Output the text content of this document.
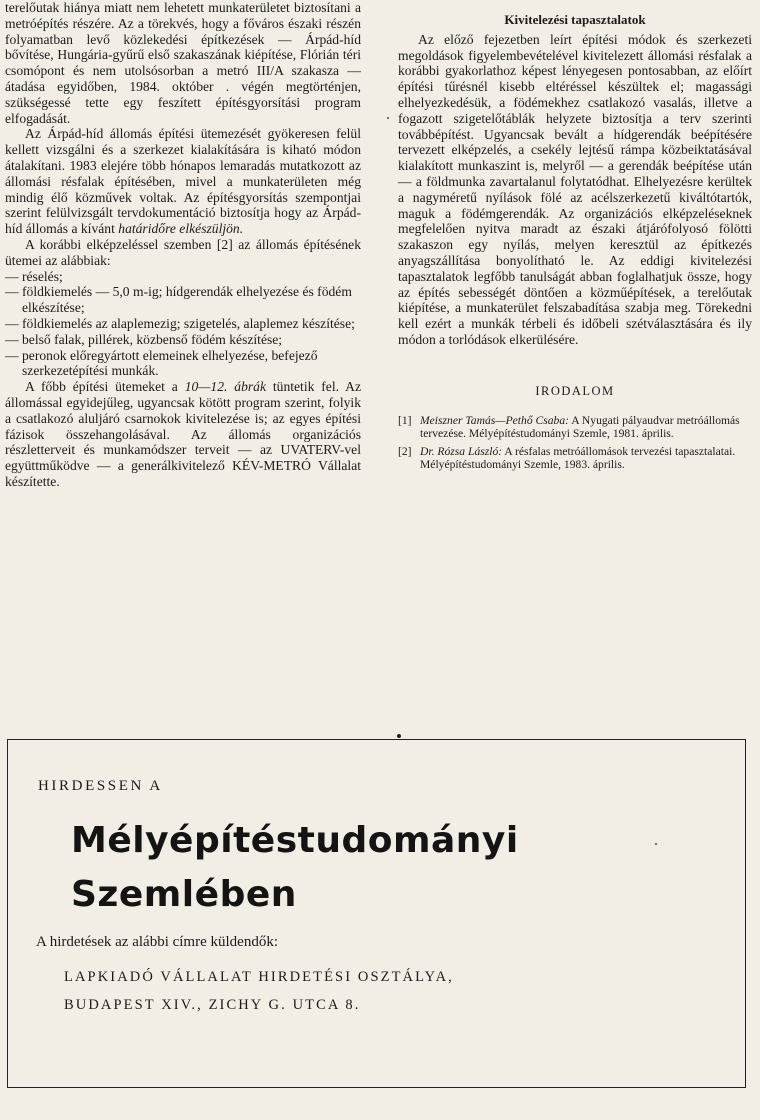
terelőutak hiánya miatt nem lehetett munkaterületet biztosítani a metróépítés részére. Az a törekvés, hogy a főváros északi részén folyamatban levő közlekedési építkezések — Árpád-híd bővítése, Hungária-gyűrű első szakaszának kiépítése, Flórián téri csomópont és nem utolsósorban a metró III/A szakasza — átadása egyidőben, 1984. október . végén megtörténjen, szükségessé tette egy feszített építésgyorsítási program elfogadását.

Az Árpád-híd állomás építési ütemezését gyökeresen felül kellett vizsgálni és a szerkezet kialakítására is kiható módon átalakítani. 1983 elejére több hónapos lemaradás mutatkozott az állomási résfalak építésében, mivel a munkaterületen még mindig élő közművek voltak. Az építésgyorsítás szempontjai szerint felülvizsgált tervdokumentáció biztosítja hogy az Árpád-híd állomás a kívánt határidőre elkészüljön.

A korábbi elképzeléssel szemben [2] az állomás építésének ütemei az alábbiak:

— réselés;
— földkiemelés — 5,0 m-ig; hídgerendák elhelyezése és födém elkészítése;
— földkiemelés az alaplemezig; szigetelés, alaplemez készítése;
— belső falak, pillérek, közbenső födém készítése;
— peronok előregyártott elemeinek elhelyezése, befejező szerkezetépítési munkák.

A főbb építési ütemeket a 10—12. ábrák tüntetik fel. Az állomással egyidejűleg, ugyancsak kötött program szerint, folyik a csatlakozó aluljáró csarnokok kivitelezése is; az egyes építési fázisok összehangolásával. Az állomás organizációs részletterveit és munkamódszer terveit — az UVATERV-vel együttműködve — a generálkivitelező KÉV-METRÓ Vállalat készítette.

Kivitelezési tapasztalatok

Az előző fejezetben leírt építési módok és szerkezeti megoldások figyelembevételével kivitelezett állomási résfalak a korábbi gyakorlathoz képest lényegesen pontosabban, az előírt építési tűrésnél kisebb eltéréssel készültek el; magassági elhelyezkedésük, a födémekhez csatlakozó vasalás, illetve a fogazott szigetelőtáblák helyzete biztosítja a terv szerinti továbbépítést. Ugyancsak bevált a hídgerendák beépítésére tervezett elképzelés, a csekély lejtésű rámpa közbeiktatásával kialakított munkaszint is, melyről — a gerendák beépítése után — a földmunka zavartalanul folytatódhat. Elhelyezésre kerültek a nagyméretű nyílások fölé az acélszerkezetű kiváltótartók, maguk a födémgerendák. Az organizációs elképzeléseknek megfelelően nyitva maradt az északi átjárófolyosó fölötti szakaszon egy nyílás, melyen keresztül az építkezés anyagszállítása bonyolítható le. Az eddigi kivitelezési tapasztalatok legfőbb tanulságát abban foglalhatjuk össze, hogy az építés sebességét döntően a közműépítések, a terelőutak kiépítése, a munkaterület felszabadítása szabja meg. Törekedni kell ezért a munkák térbeli és időbeli szétválasztására és ily módon a torlódások elkerülésére.

IRODALOM
[1] Meiszner Tamás—Pethő Csaba: A Nyugati pályaudvar metróállomás tervezése. Mélyépítéstudományi Szemle, 1981. április.
[2] Dr. Rózsa László: A résfalas metróállomások tervezési tapasztalatai. Mélyépítéstudományi Szemle, 1983. április.
HIRDESSEN A
Mélyépítéstudományi
Szemlében
A hirdetések az alábbi címre küldendők:
LAPKIADÓ VÁLLALAT HIRDETÉSI OSZTÁLYA,
BUDAPEST XIV., ZICHY G. UTCA 8.
